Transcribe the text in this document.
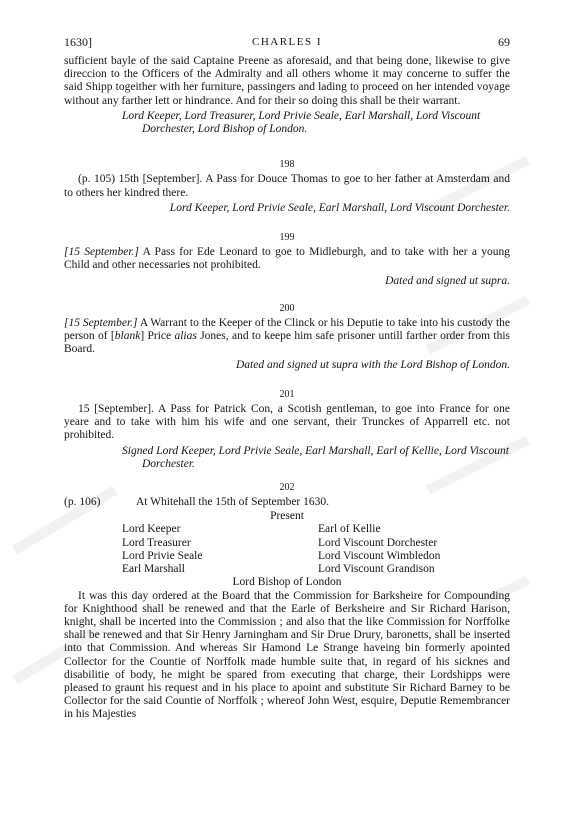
1630]	CHARLES I	69

sufficient bayle of the said Captaine Preene as aforesaid, and that being done, likewise to give direccion to the Officers of the Admiralty and all others whome it may concerne to suffer the said Shipp togeither with her furniture, passingers and lading to proceed on her intended voyage without any farther lett or hindrance. And for their so doing this shall be their warrant.

Lord Keeper, Lord Treasurer, Lord Privie Seale, Earl Marshall, Lord Viscount Dorchester, Lord Bishop of London.

198

(p. 105) 15th [September]. A Pass for Douce Thomas to goe to her father at Amsterdam and to others her kindred there.

Lord Keeper, Lord Privie Seale, Earl Marshall, Lord Viscount Dorchester.

199

[15 September.] A Pass for Ede Leonard to goe to Midleburgh, and to take with her a young Child and other necessaries not prohibited.

Dated and signed ut supra.

200

[15 September.] A Warrant to the Keeper of the Clinck or his Deputie to take into his custody the person of [blank] Price alias Jones, and to keepe him safe prisoner untill farther order from this Board.

Dated and signed ut supra with the Lord Bishop of London.

201

15 [September]. A Pass for Patrick Con, a Scotish gentleman, to goe into France for one yeare and to take with him his wife and one servant, their Trunckes of Apparrell etc. not prohibited.

Signed Lord Keeper, Lord Privie Seale, Earl Marshall, Earl of Kellie, Lord Viscount Dorchester.

202
(p. 106)	At Whitehall the 15th of September 1630.

Present

Lord Keeper	Earl of Kellie
Lord Treasurer	Lord Viscount Dorchester
Lord Privie Seale	Lord Viscount Wimbledon
Earl Marshall	Lord Viscount Grandison

Lord Bishop of London

It was this day ordered at the Board that the Commission for Barksheire for Compounding for Knighthood shall be renewed and that the Earle of Berksheire and Sir Richard Harison, knight, shall be incerted into the Commission ; and also that the like Commission for Norffolke shall be renewed and that Sir Henry Jarningham and Sir Drue Drury, baronetts, shall be inserted into that Commission. And whereas Sir Hamond Le Strange haveing bin formerly apointed Collector for the Countie of Norffolk made humble suite that, in regard of his sicknes and disabilitie of body, he might be spared from executing that charge, their Lordshipps were pleased to graunt his request and in his place to apoint and substitute Sir Richard Barney to be Collector for the said Countie of Norffolk ; whereof John West, esquire, Deputie Remembrancer in his Majesties
